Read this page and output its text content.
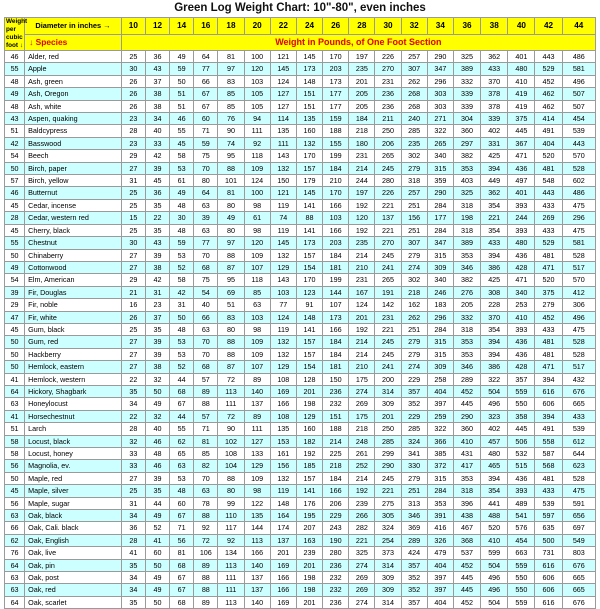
Green Log Weight Chart: 10"-80", even inches
Weight per cubic foot ↓	Diameter in inches →	10	12	14	16	18	20	22	24	26	28	30	32	34	36	38	40	42	44
	↓ Species	Weight in Pounds, of One Foot Section																	
46	Alder, red	25	36	49	64	81	100	121	145	170	197	226	257	290	325	362	401	443	486
55	Apple	30	43	59	77	97	120	145	173	203	235	270	307	347	389	433	480	529	581
48	Ash, green	26	37	50	66	83	103	124	148	173	201	231	262	296	332	370	410	452	496
49	Ash, Oregon	26	38	51	67	85	105	127	151	177	205	236	268	303	339	378	419	462	507
48	Ash, white	26	38	51	67	85	105	127	151	177	205	236	268	303	339	378	419	462	507
43	Aspen, quaking	23	34	46	60	76	94	114	135	159	184	211	240	271	304	339	375	414	454
51	Baldcypress	28	40	55	71	90	111	135	160	188	218	250	285	322	360	402	445	491	539
42	Basswood	23	33	45	59	74	92	111	132	155	180	206	235	265	297	331	367	404	443
54	Beech	29	42	58	75	95	118	143	170	199	231	265	302	340	382	425	471	520	570
50	Birch, paper	27	39	53	70	88	109	132	157	184	214	245	279	315	353	394	436	481	528
57	Birch, yellow	31	45	61	80	101	124	150	179	210	244	280	318	359	403	449	497	548	602
46	Butternut	25	36	49	64	81	100	121	145	170	197	226	257	290	325	362	401	443	486
45	Cedar, incense	25	35	48	63	80	98	119	141	166	192	221	251	284	318	354	393	433	475
28	Cedar, western red	15	22	30	39	49	61	74	88	103	120	137	156	177	198	221	244	269	296
45	Cherry, black	25	35	48	63	80	98	119	141	166	192	221	251	284	318	354	393	433	475
55	Chestnut	30	43	59	77	97	120	145	173	203	235	270	307	347	389	433	480	529	581
50	Chinaberry	27	39	53	70	88	109	132	157	184	214	245	279	315	353	394	436	481	528
49	Cottonwood	27	38	52	68	87	107	129	154	181	210	241	274	309	346	386	428	471	517
54	Elm, American	29	42	58	75	95	118	143	170	199	231	265	302	340	382	425	471	520	570
39	Fir, Douglas	21	31	42	54	69	85	103	123	144	167	191	218	246	276	308	340	375	412
29	Fir, noble	16	23	31	40	51	63	77	91	107	124	142	162	183	205	228	253	279	306
47	Fir, white	26	37	50	66	83	103	124	148	173	201	231	262	296	332	370	410	452	496
45	Gum, black	25	35	48	63	80	98	119	141	166	192	221	251	284	318	354	393	433	475
50	Gum, red	27	39	53	70	88	109	132	157	184	214	245	279	315	353	394	436	481	528
50	Hackberry	27	39	53	70	88	109	132	157	184	214	245	279	315	353	394	436	481	528
50	Hemlock, eastern	27	38	52	68	87	107	129	154	181	210	241	274	309	346	386	428	471	517
41	Hemlock, western	22	32	44	57	72	89	108	128	150	175	200	229	258	289	322	357	394	432
64	Hickory, Shagbark	35	50	68	89	113	140	169	201	236	274	314	357	404	452	504	559	616	676
63	Honeylocust	34	49	67	88	111	137	166	198	232	269	309	352	397	445	496	550	606	665
41	Horsechestnut	22	32	44	57	72	89	108	129	151	175	201	229	259	290	323	358	394	433
51	Larch	28	40	55	71	90	111	135	160	188	218	250	285	322	360	402	445	491	539
58	Locust, black	32	46	62	81	102	127	153	182	214	248	285	324	366	410	457	506	558	612
58	Locust, honey	33	48	65	85	108	133	161	192	225	261	299	341	385	431	480	532	587	644
56	Magnolia, ev.	33	46	63	82	104	129	156	185	218	252	290	330	372	417	465	515	568	623
50	Maple, red	27	39	53	70	88	109	132	157	184	214	245	279	315	353	394	436	481	528
45	Maple, silver	25	35	48	63	80	98	119	141	166	192	221	251	284	318	354	393	433	475
56	Maple, sugar	31	44	60	78	99	122	148	176	206	239	275	313	353	396	441	489	539	591
63	Oak, black	34	49	67	88	110	135	164	195	229	266	305	346	391	438	488	541	597	656
66	Oak, Cali. black	36	52	71	92	117	144	174	207	243	282	324	369	416	467	520	576	635	697
62	Oak, English	28	41	56	72	92	113	137	163	190	221	254	289	326	368	410	454	500	549
76	Oak, live	41	60	81	106	134	166	201	239	280	325	373	424	479	537	599	663	731	803
64	Oak, pin	35	50	68	89	113	140	169	201	236	274	314	357	404	452	504	559	616	676
63	Oak, post	34	49	67	88	111	137	166	198	232	269	309	352	397	445	496	550	606	665
63	Oak, red	34	49	67	88	111	137	166	198	232	269	309	352	397	445	496	550	606	665
64	Oak, scarlet	35	50	68	89	113	140	169	201	236	274	314	357	404	452	504	559	616	676
